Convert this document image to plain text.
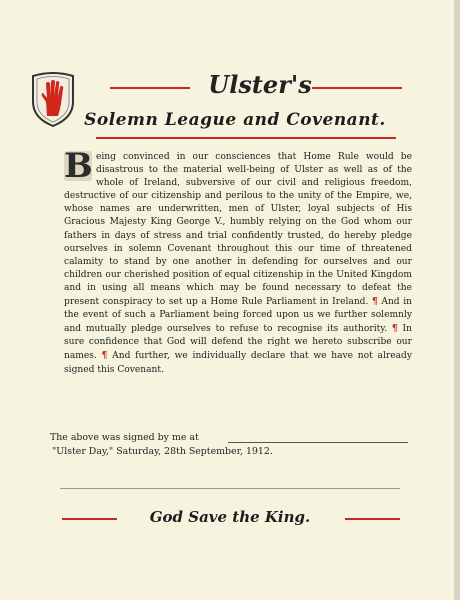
Ulster's
Solemn League and Covenant.

B eing convinced in our consciences that Home Rule would be disastrous to the material well-being of Ulster as well as of the whole of Ireland, subversive of our civil and religious freedom, destructive of our citizenship and perilous to the unity of the Empire, we, whose names are underwritten, men of Ulster, loyal subjects of His Gracious Majesty King George V., humbly relying on the God whom our fathers in days of stress and trial confidently trusted, do hereby pledge ourselves in solemn Covenant throughout this our time of threatened calamity to stand by one another in defending for ourselves and our children our cherished position of equal citizenship in the United Kingdom and in using all means which may be found necessary to defeat the present conspiracy to set up a Home Rule Parliament in Ireland. ¶ And in the event of such a Parliament being forced upon us we further solemnly and mutually pledge ourselves to refuse to recognise its authority. ¶ In sure confidence that God will defend the right we hereto subscribe our names. ¶ And further, we individually declare that we have not already signed this Covenant.

The above was signed by me at
"Ulster Day," Saturday, 28th September, 1912.
God Save the King.
